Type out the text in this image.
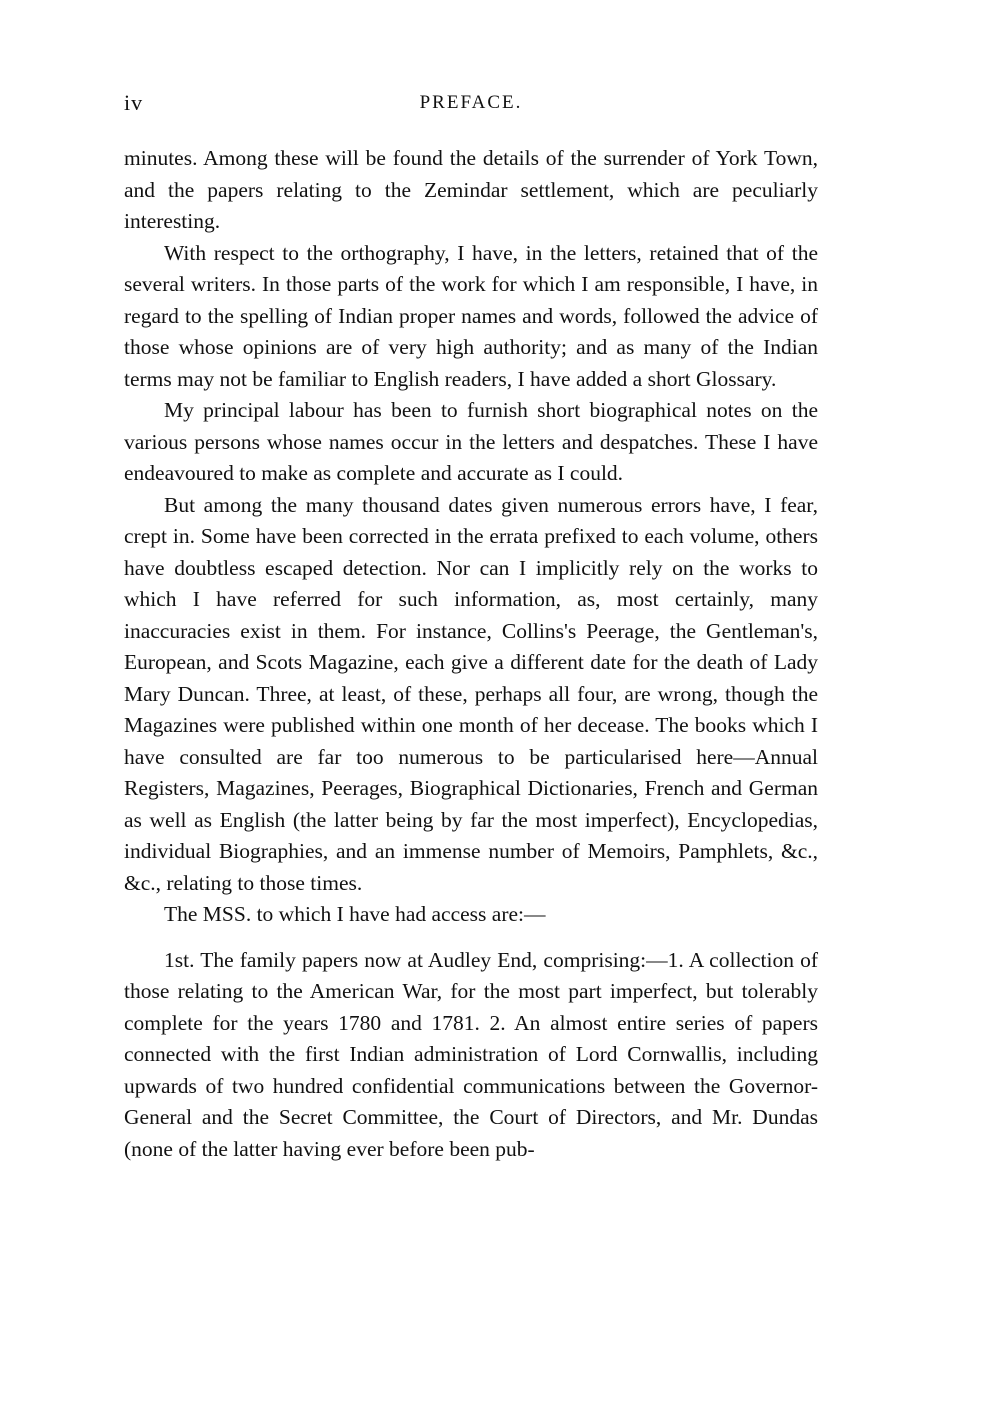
iv	PREFACE.

minutes. Among these will be found the details of the surrender of York Town, and the papers relating to the Zemindar settlement, which are peculiarly interesting.

With respect to the orthography, I have, in the letters, retained that of the several writers. In those parts of the work for which I am responsible, I have, in regard to the spelling of Indian proper names and words, followed the advice of those whose opinions are of very high authority; and as many of the Indian terms may not be familiar to English readers, I have added a short Glossary.

My principal labour has been to furnish short biographical notes on the various persons whose names occur in the letters and despatches. These I have endeavoured to make as complete and accurate as I could.

But among the many thousand dates given numerous errors have, I fear, crept in. Some have been corrected in the errata prefixed to each volume, others have doubtless escaped detection. Nor can I implicitly rely on the works to which I have referred for such information, as, most certainly, many inaccuracies exist in them. For instance, Collins's Peerage, the Gentleman's, European, and Scots Magazine, each give a different date for the death of Lady Mary Duncan. Three, at least, of these, perhaps all four, are wrong, though the Magazines were published within one month of her decease. The books which I have consulted are far too numerous to be particularised here—Annual Registers, Magazines, Peerages, Biographical Dictionaries, French and German as well as English (the latter being by far the most imperfect), Encyclopedias, individual Biographies, and an immense number of Memoirs, Pamphlets, &c., &c., relating to those times.

The MSS. to which I have had access are:—

1st. The family papers now at Audley End, comprising:—1. A collection of those relating to the American War, for the most part imperfect, but tolerably complete for the years 1780 and 1781. 2. An almost entire series of papers connected with the first Indian administration of Lord Cornwallis, including upwards of two hundred confidential communications between the Governor-General and the Secret Committee, the Court of Directors, and Mr. Dundas (none of the latter having ever before been pub-
